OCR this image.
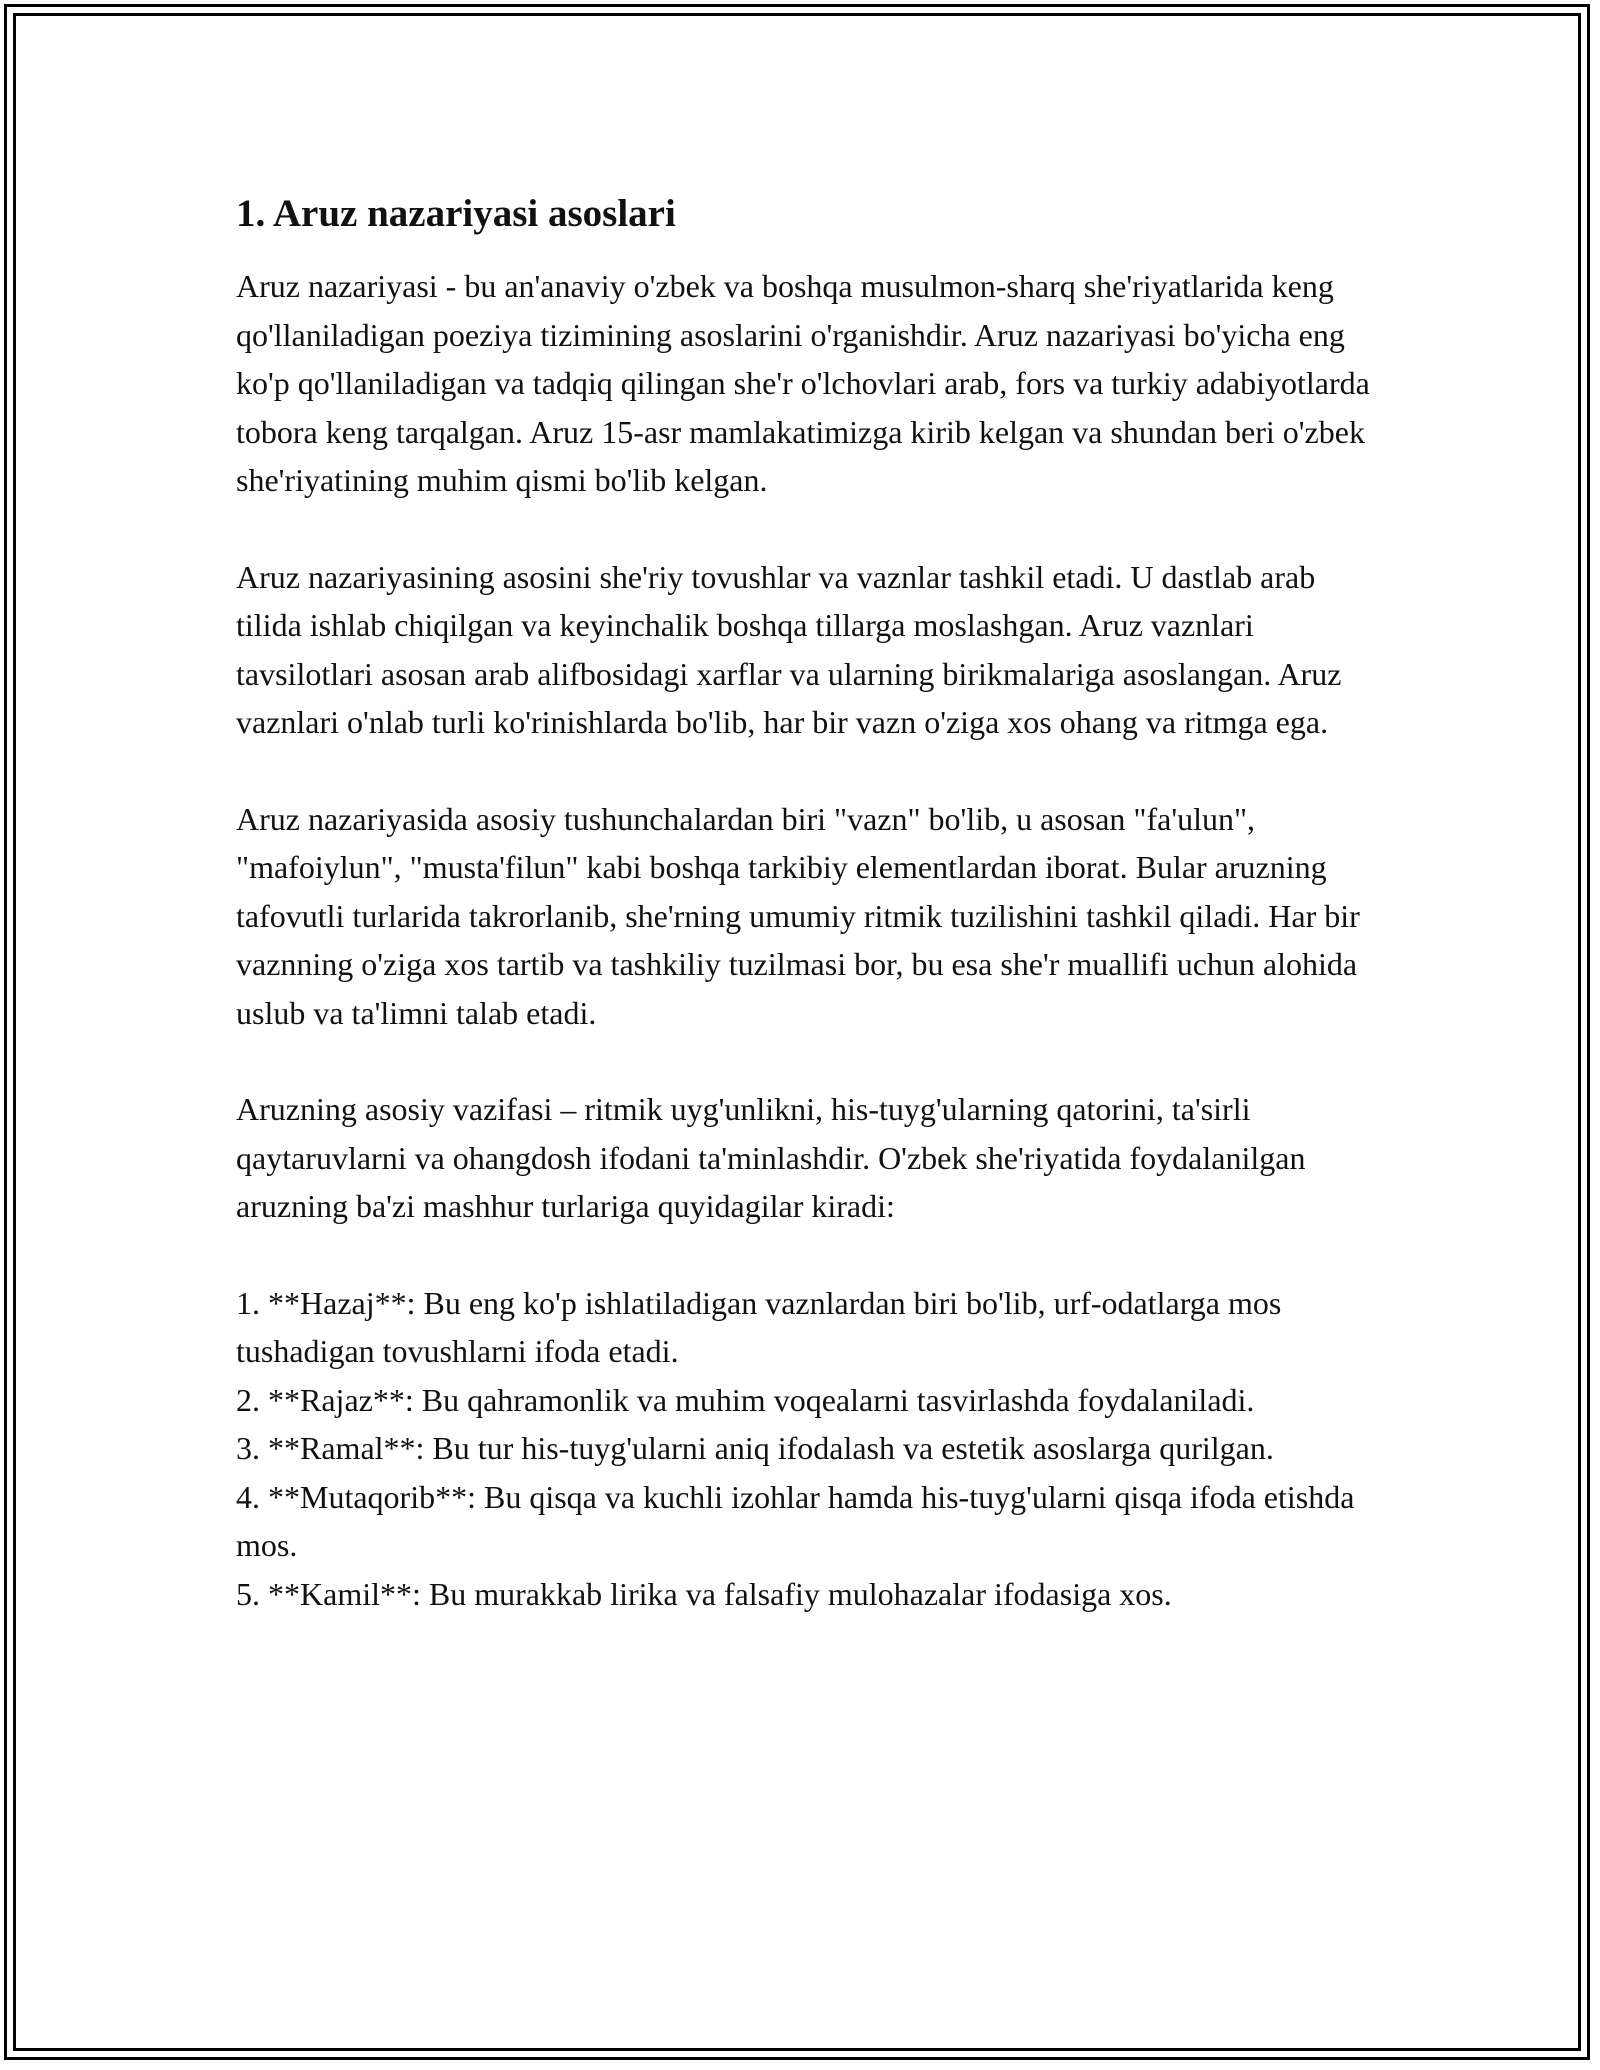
1. Aruz nazariyasi asoslari

Aruz nazariyasi - bu an'anaviy o'zbek va boshqa musulmon-sharq she'riyatlarida keng qo'llaniladigan poeziya tizimining asoslarini o'rganishdir. Aruz nazariyasi bo'yicha eng ko'p qo'llaniladigan va tadqiq qilingan she'r o'lchovlari arab, fors va turkiy adabiyotlarda tobora keng tarqalgan. Aruz 15-asr mamlakatimizga kirib kelgan va shundan beri o'zbek she'riyatining muhim qismi bo'lib kelgan.

Aruz nazariyasining asosini she'riy tovushlar va vaznlar tashkil etadi. U dastlab arab tilida ishlab chiqilgan va keyinchalik boshqa tillarga moslashgan. Aruz vaznlari tavsilotlari asosan arab alifbosidagi xarflar va ularning birikmalariga asoslangan. Aruz vaznlari o'nlab turli ko'rinishlarda bo'lib, har bir vazn o'ziga xos ohang va ritmga ega.

Aruz nazariyasida asosiy tushunchalardan biri "vazn" bo'lib, u asosan "fa'ulun", "mafoiylun", "musta'filun" kabi boshqa tarkibiy elementlardan iborat. Bular aruzning tafovutli turlarida takrorlanib, she'rning umumiy ritmik tuzilishini tashkil qiladi. Har bir vaznning o'ziga xos tartib va tashkiliy tuzilmasi bor, bu esa she'r muallifi uchun alohida uslub va ta'limni talab etadi.

Aruzning asosiy vazifasi – ritmik uyg'unlikni, his-tuyg'ularning qatorini, ta'sirli qaytaruvlarni va ohangdosh ifodani ta'minlashdir. O'zbek she'riyatida foydalanilgan aruzning ba'zi mashhur turlariga quyidagilar kiradi:

1. **Hazaj**: Bu eng ko'p ishlatiladigan vaznlardan biri bo'lib, urf-odatlarga mos tushadigan tovushlarni ifoda etadi.
2. **Rajaz**: Bu qahramonlik va muhim voqealarni tasvirlashda foydalaniladi.
3. **Ramal**: Bu tur his-tuyg'ularni aniq ifodalash va estetik asoslarga qurilgan.
4. **Mutaqorib**: Bu qisqa va kuchli izohlar hamda his-tuyg'ularni qisqa ifoda etishda mos.
5. **Kamil**: Bu murakkab lirika va falsafiy mulohazalar ifodasiga xos.
